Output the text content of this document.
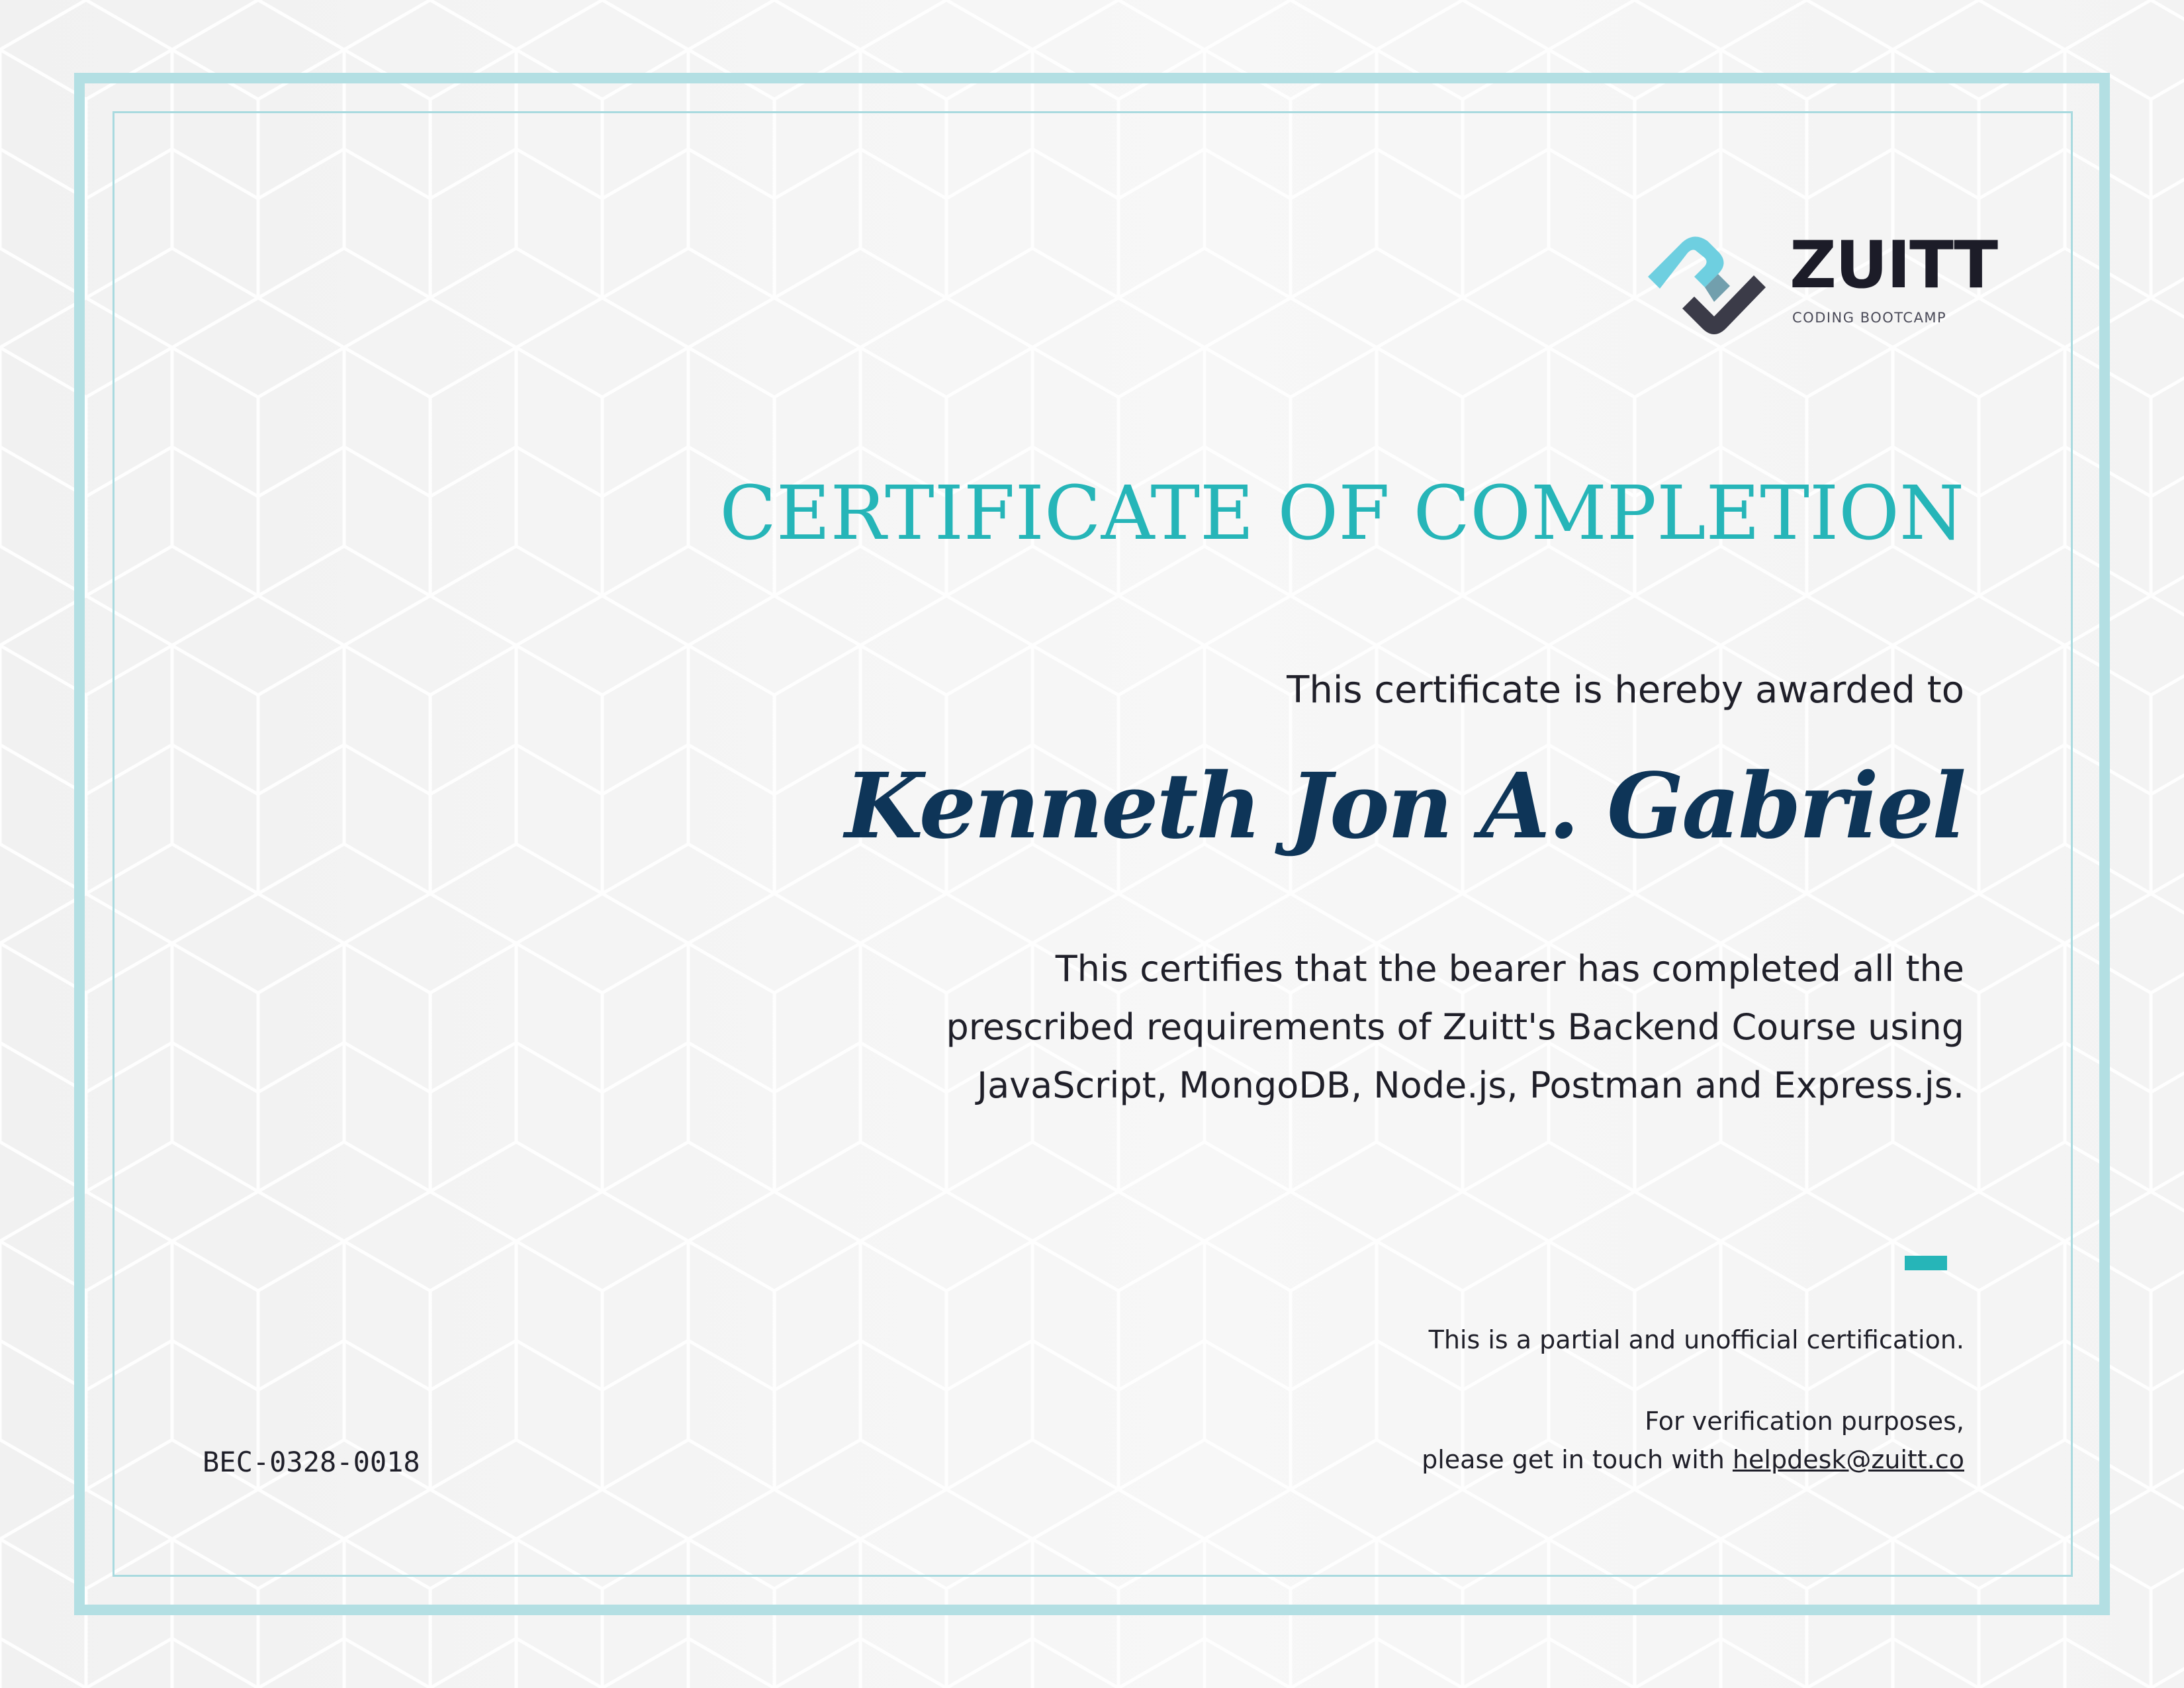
ZUITT
CODING BOOTCAMP
CERTIFICATE OF COMPLETION
This certificate is hereby awarded to
Kenneth Jon A. Gabriel
This certifies that the bearer has completed all the
prescribed requirements of Zuitt's Backend Course using
JavaScript, MongoDB, Node.js, Postman and Express.js.
This is a partial and unofficial certification.
For verification purposes,
please get in touch with helpdesk@zuitt.co
BEC-0328-0018
